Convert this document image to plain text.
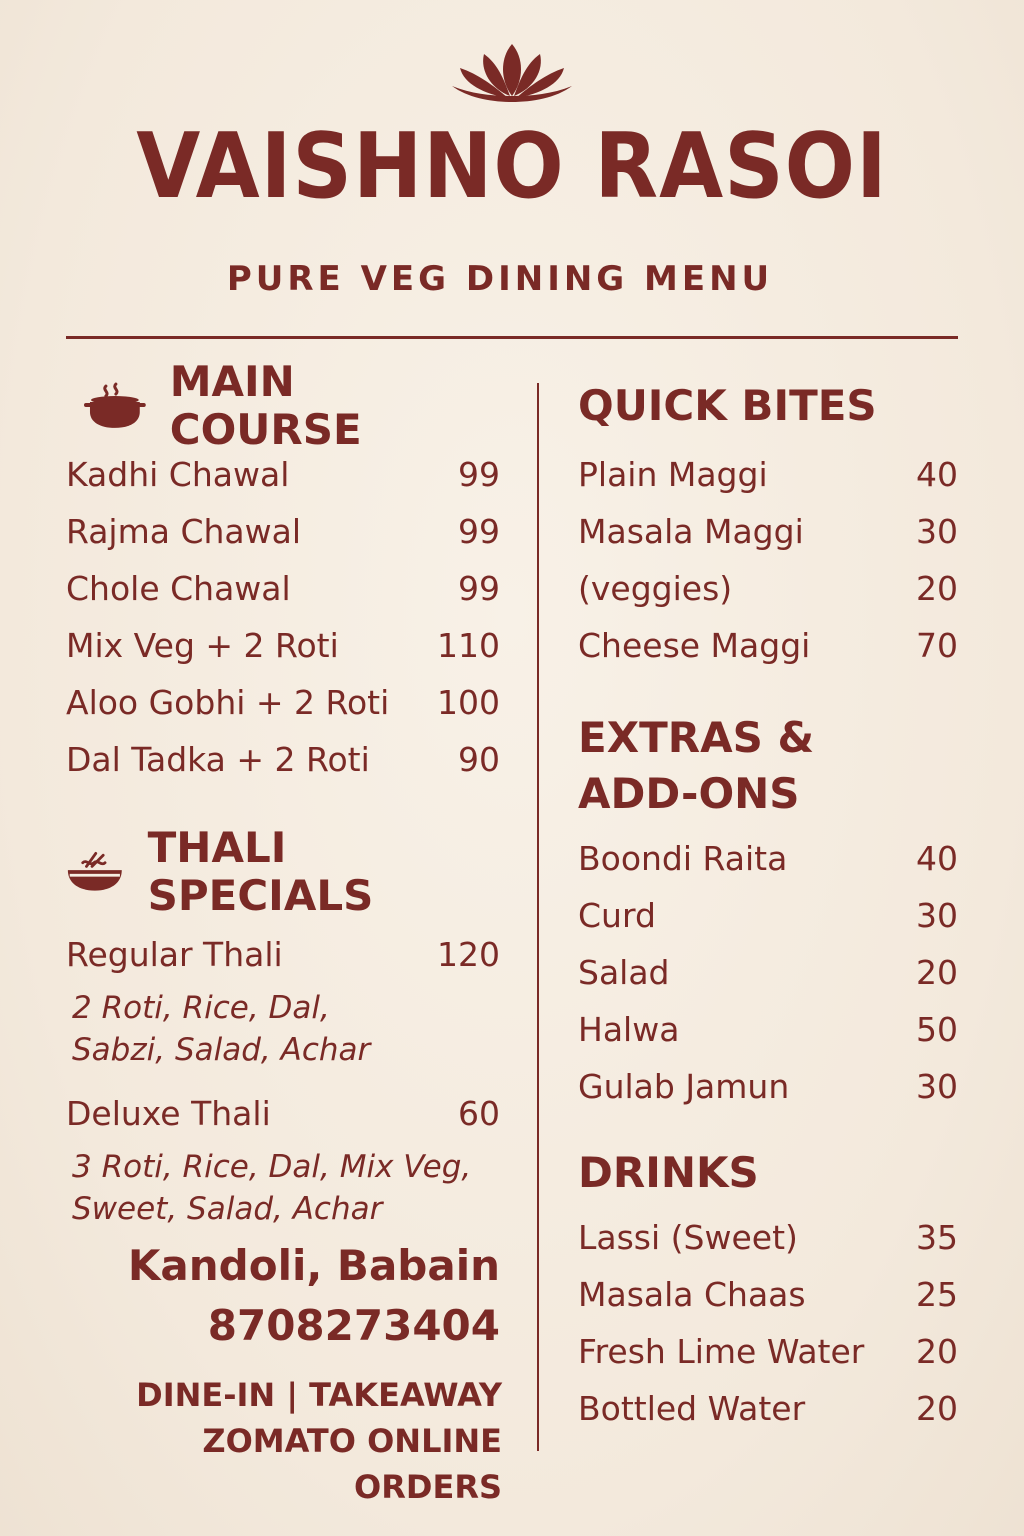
VAISHNO RASOI
PURE VEG DINING MENU
MAIN COURSE
Kadhi Chawal	99
Rajma Chawal	99
Chole Chawal	99
Mix Veg + 2 Roti	110
Aloo Gobhi + 2 Roti 100
Dal Tadka + 2 Roti	90
THALI SPECIALS
Regular Thali	120
2 Roti, Rice, Dal,
Sabzi, Salad, Achar
Deluxe Thali	60
3 Roti, Rice, Dal, Mix Veg,
Sweet, Salad, Achar
Kandoli, Babain
8708273404
DINE-IN | TAKEAWAY
ZOMATO ONLINE ORDERS
QUICK BITES
Plain Maggi	40
Masala Maggi	30
(veggies)	20
Cheese Maggi	70
EXTRAS &
ADD-ONS
Boondi Raita	40
Curd	30
Salad	20
Halwa	50
Gulab Jamun	30
DRINKS
Lassi (Sweet)	35
Masala Chaas	25
Fresh Lime Water 20
Bottled Water	20
